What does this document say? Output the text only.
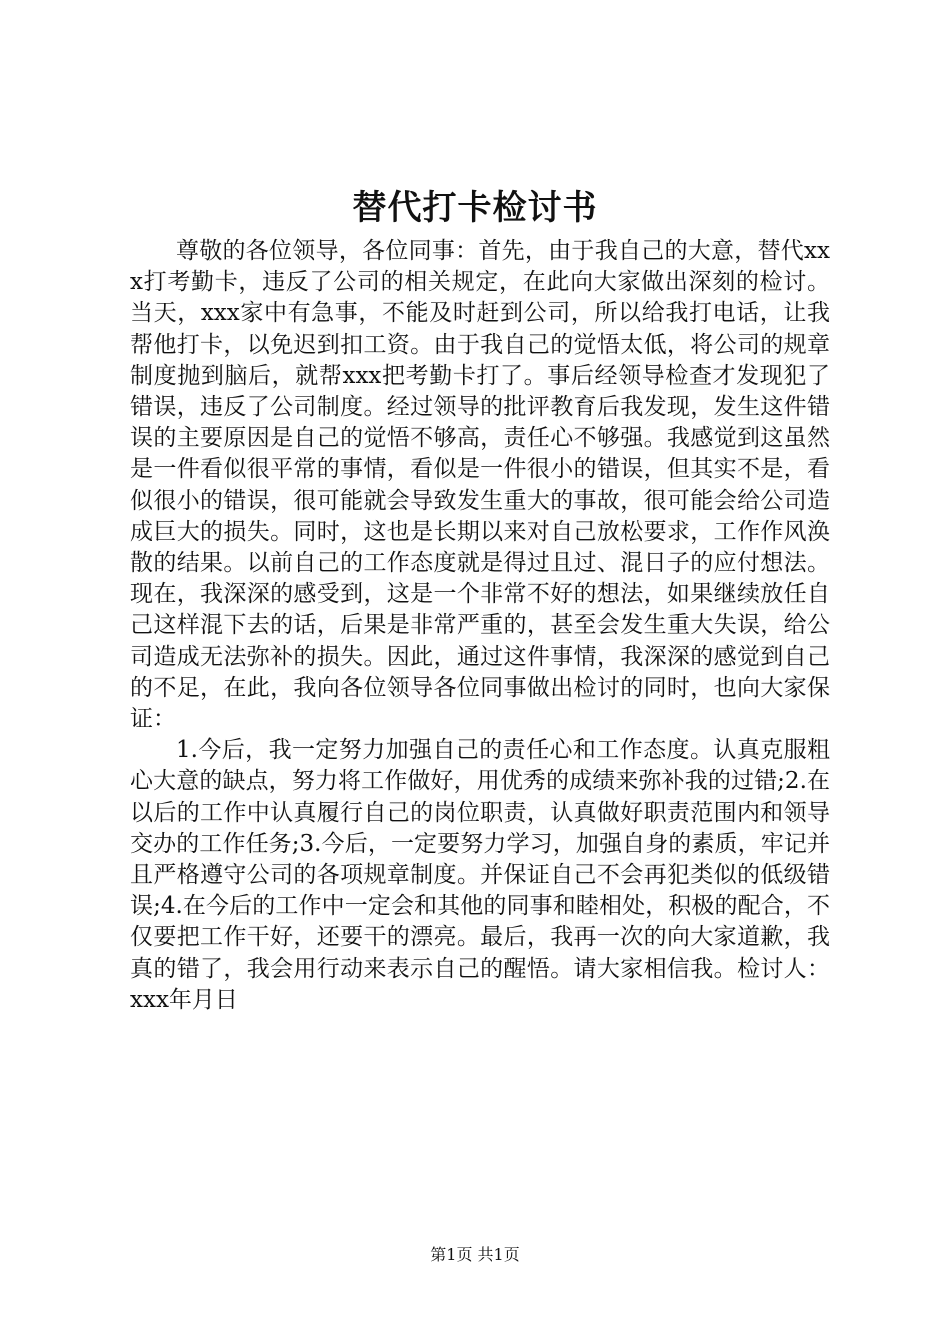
替代打卡检讨书

尊敬的各位领导，各位同事：首先，由于我自己的大意，替代xxx打考勤卡，违反了公司的相关规定，在此向大家做出深刻的检讨。当天，xxx家中有急事，不能及时赶到公司，所以给我打电话，让我帮他打卡，以免迟到扣工资。由于我自己的觉悟太低，将公司的规章制度抛到脑后，就帮xxx把考勤卡打了。事后经领导检查才发现犯了错误，违反了公司制度。经过领导的批评教育后我发现，发生这件错误的主要原因是自己的觉悟不够高，责任心不够强。我感觉到这虽然是一件看似很平常的事情，看似是一件很小的错误，但其实不是，看似很小的错误，很可能就会导致发生重大的事故，很可能会给公司造成巨大的损失。同时，这也是长期以来对自己放松要求，工作作风涣散的结果。以前自己的工作态度就是得过且过、混日子的应付想法。现在，我深深的感受到，这是一个非常不好的想法，如果继续放任自己这样混下去的话，后果是非常严重的，甚至会发生重大失误，给公司造成无法弥补的损失。因此，通过这件事情，我深深的感觉到自己的不足，在此，我向各位领导各位同事做出检讨的同时，也向大家保证：

1.今后，我一定努力加强自己的责任心和工作态度。认真克服粗心大意的缺点，努力将工作做好，用优秀的成绩来弥补我的过错;2.在以后的工作中认真履行自己的岗位职责，认真做好职责范围内和领导交办的工作任务;3.今后，一定要努力学习，加强自身的素质，牢记并且严格遵守公司的各项规章制度。并保证自己不会再犯类似的低级错误;4.在今后的工作中一定会和其他的同事和睦相处，积极的配合，不仅要把工作干好，还要干的漂亮。最后，我再一次的向大家道歉，我真的错了，我会用行动来表示自己的醒悟。请大家相信我。检讨人：xxx年月日

第1页 共1页
